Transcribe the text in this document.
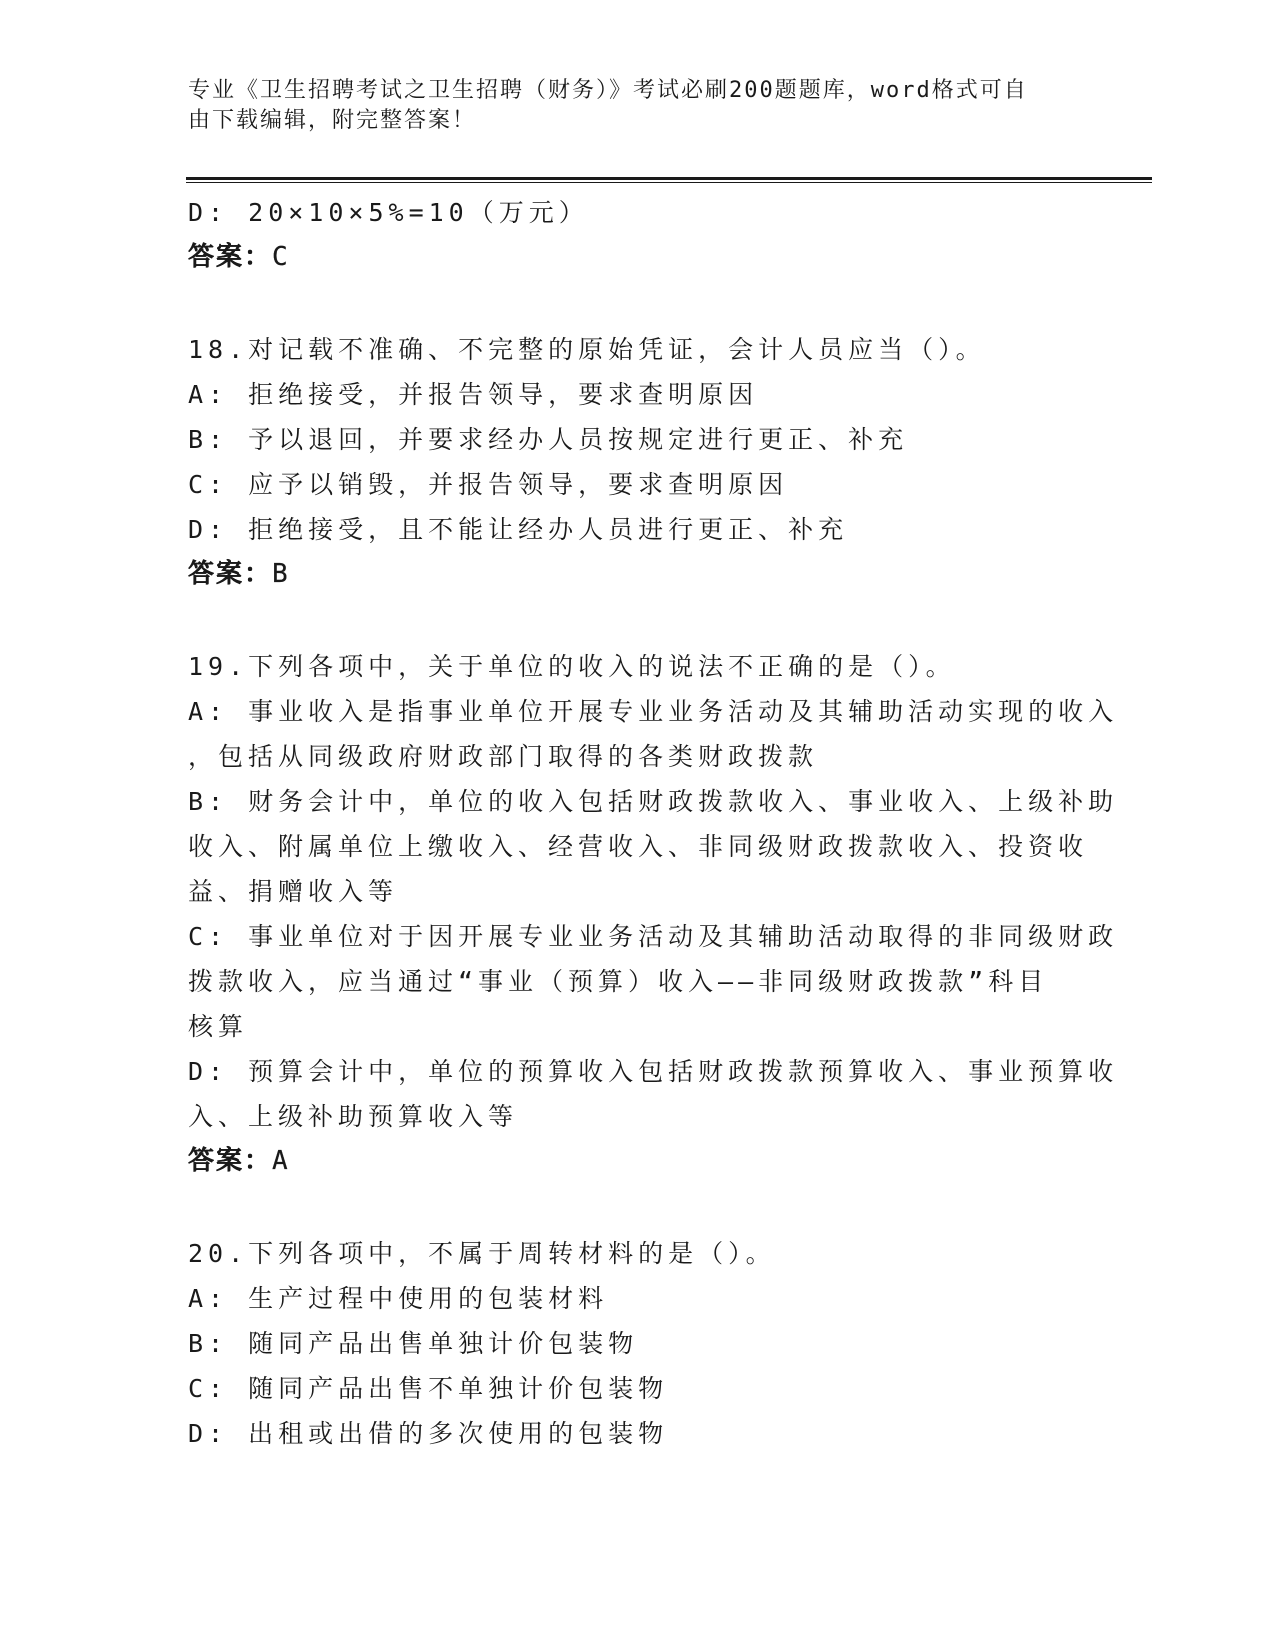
专业《卫生招聘考试之卫生招聘（财务）》考试必刷200题题库，word格式可自
由下载编辑，附完整答案！

D: 20×10×5%=10（万元）

答案：C

18.对记载不准确、不完整的原始凭证，会计人员应当（）。

A: 拒绝接受，并报告领导，要求查明原因

B: 予以退回，并要求经办人员按规定进行更正、补充

C: 应予以销毁，并报告领导，要求查明原因

D: 拒绝接受，且不能让经办人员进行更正、补充

答案：B

19.下列各项中，关于单位的收入的说法不正确的是（）。

A: 事业收入是指事业单位开展专业业务活动及其辅助活动实现的收入

，包括从同级政府财政部门取得的各类财政拨款

B: 财务会计中，单位的收入包括财政拨款收入、事业收入、上级补助

收入、附属单位上缴收入、经营收入、非同级财政拨款收入、投资收

益、捐赠收入等

C: 事业单位对于因开展专业业务活动及其辅助活动取得的非同级财政

拨款收入，应当通过“事业（预算）收入——非同级财政拨款”科目

核算

D: 预算会计中，单位的预算收入包括财政拨款预算收入、事业预算收

入、上级补助预算收入等

答案：A

20.下列各项中，不属于周转材料的是（）。

A: 生产过程中使用的包装材料

B: 随同产品出售单独计价包装物

C: 随同产品出售不单独计价包装物

D: 出租或出借的多次使用的包装物
